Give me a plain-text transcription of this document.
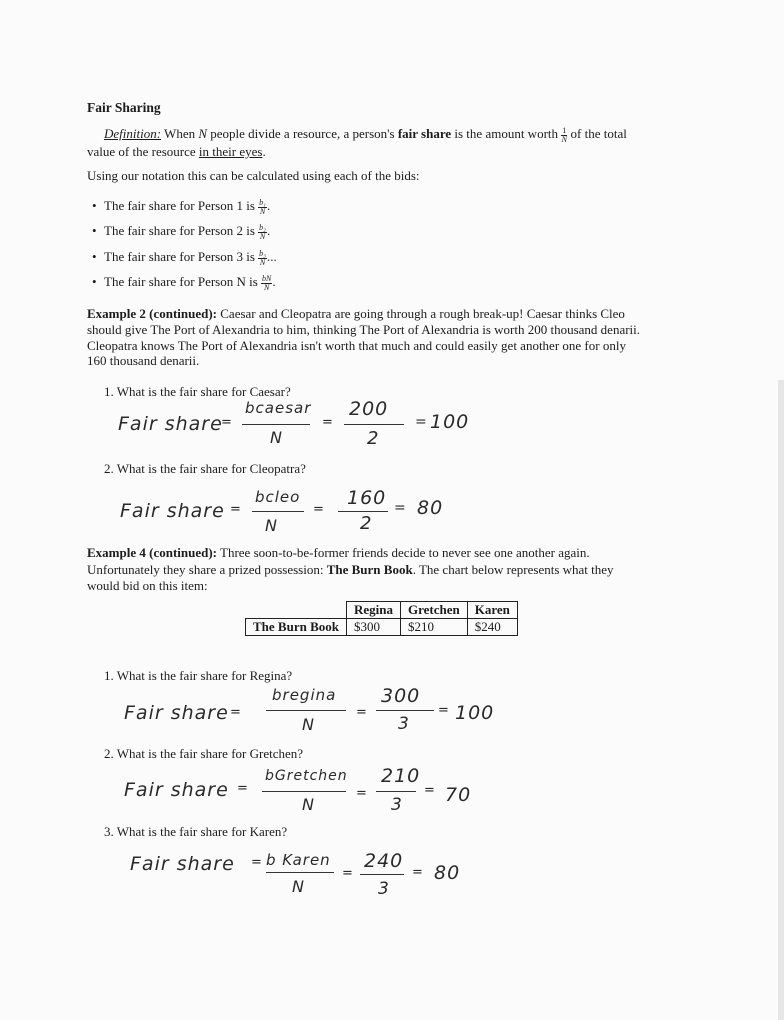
Fair Sharing
Definition: When N people divide a resource, a person's fair share is the amount worth $\frac{1}{N}$ of the total
value of the resource in their eyes.
Using our notation this can be calculated using each of the bids:
• The fair share for Person 1 is $\frac{\text{b₁}}{N}$ .
• The fair share for Person 2 is $\frac{\text{b₂}}{N}$ .
• The fair share for Person 3 is $\frac{\text{b₃}}{N}$ ...
• The fair share for Person N is $\frac{bN}{N}$ .
Example 2 (continued): Caesar and Cleopatra are going through a rough break-up! Caesar thinks Cleo
should give The Port of Alexandria to him, thinking The Port of Alexandria is worth 200 thousand denarii.
Cleopatra knows The Port of Alexandria isn't worth that much and could easily get another one for only
160 thousand denarii.
1. What is the fair share for Caesar?
Fair share
=
bcaesar
N
=
200
2
= 100
2. What is the fair share for Cleopatra?
Fair share =
bcleo
N
=
160
2
= 80
Example 4 (continued): Three soon-to-be-former friends decide to never see one another again.
Unfortunately they share a prized possession: The Burn Book. The chart below represents what they
would bid on this item:
	Regina	Gretchen	Karen
The Burn Book	$300	$210	$240
1. What is the fair share for Regina?
Fair share =
bregina
N
=
300
3
= 100
2. What is the fair share for Gretchen?
Fair share =
bGretchen
N
=
210
3
= 70
3. What is the fair share for Karen?
Fair share = b Karen
N
=
240
3
= 80
